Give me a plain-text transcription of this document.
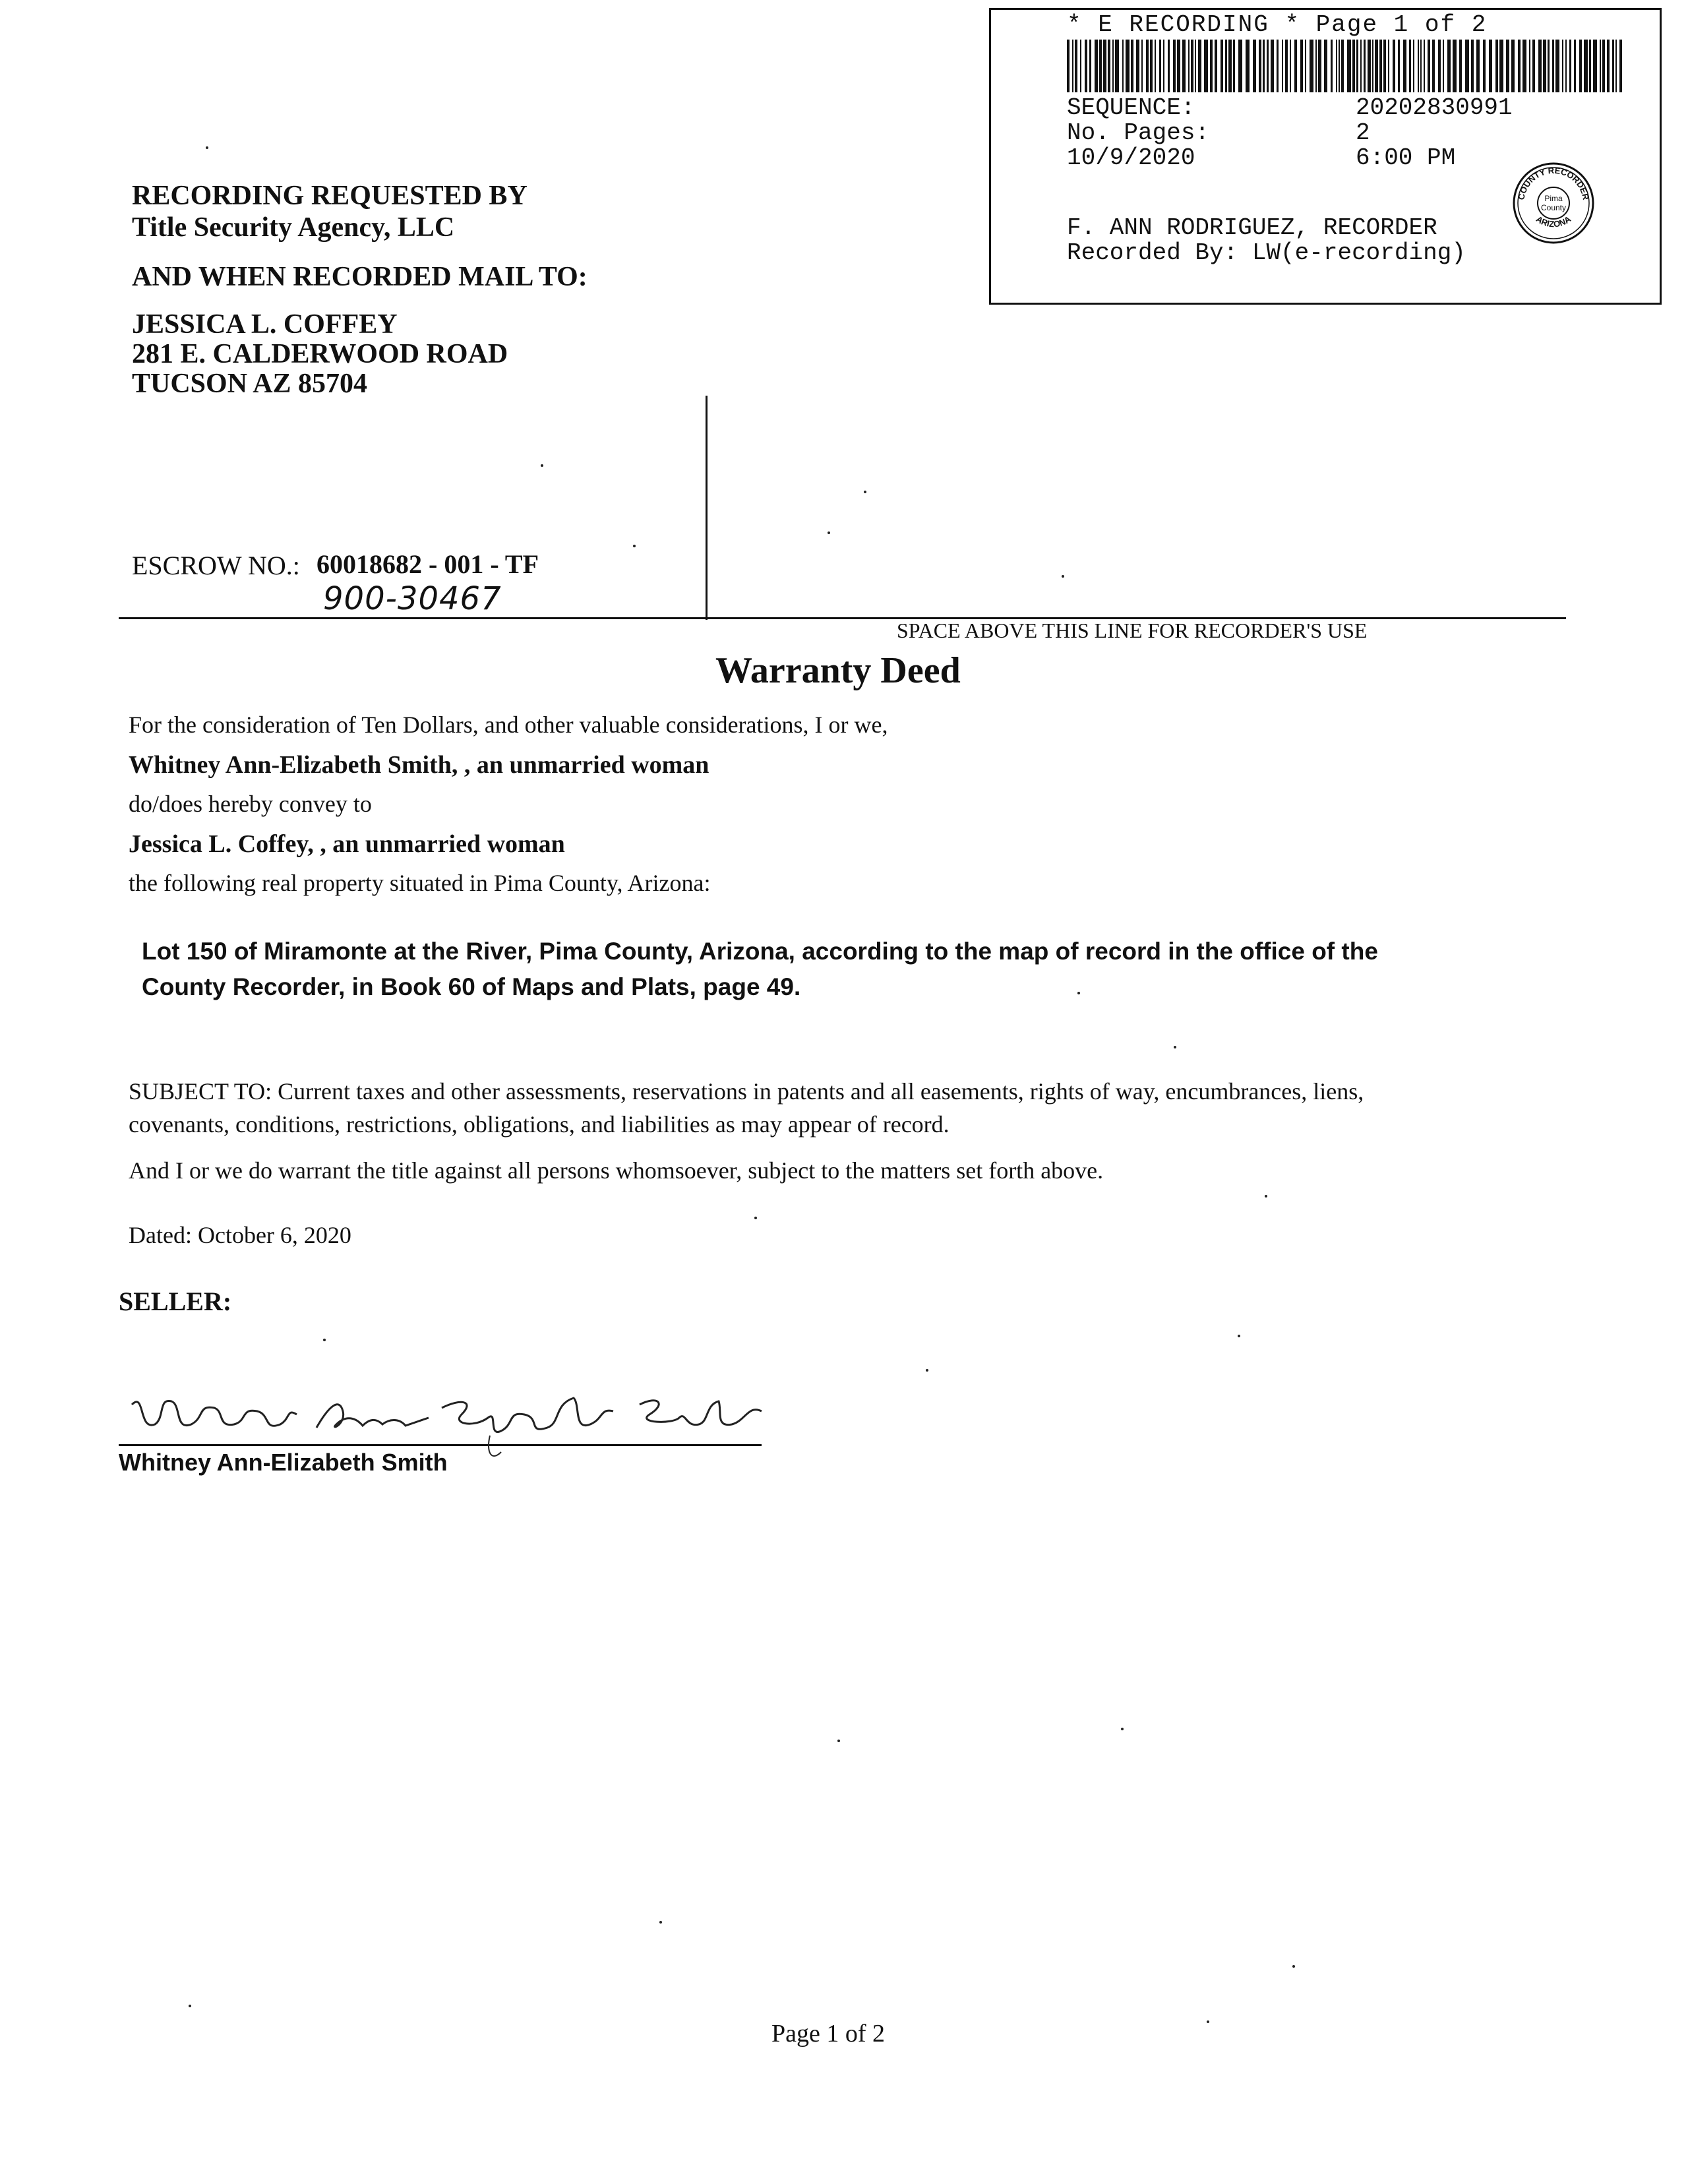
* E RECORDING * Page 1 of 2
SEQUENCE:	20202830991
No. Pages:	2
10/9/2020	6:00 PM
F. ANN RODRIGUEZ, RECORDER
Recorded By: LW(e-recording)
COUNTY RECORDER
ARIZONA
Pima
County
RECORDING REQUESTED BY
Title Security Agency, LLC
AND WHEN RECORDED MAIL TO:
JESSICA L. COFFEY
281 E. CALDERWOOD ROAD
TUCSON AZ 85704
ESCROW NO.: 60018682 - 001 - TF
900-30467
SPACE ABOVE THIS LINE FOR RECORDER'S USE
Warranty Deed
For the consideration of Ten Dollars, and other valuable considerations, I or we,
Whitney Ann-Elizabeth Smith, , an unmarried woman
do/does hereby convey to
Jessica L. Coffey, , an unmarried woman
the following real property situated in Pima County, Arizona:
Lot 150 of Miramonte at the River, Pima County, Arizona, according to the map of record in the office of the
County Recorder, in Book 60 of Maps and Plats, page 49.
SUBJECT TO: Current taxes and other assessments, reservations in patents and all easements, rights of way, encumbrances, liens,
covenants, conditions, restrictions, obligations, and liabilities as may appear of record.
And I or we do warrant the title against all persons whomsoever, subject to the matters set forth above.
Dated: October 6, 2020
SELLER:
Whitney Ann-Elizabeth Smith
Page 1 of 2
